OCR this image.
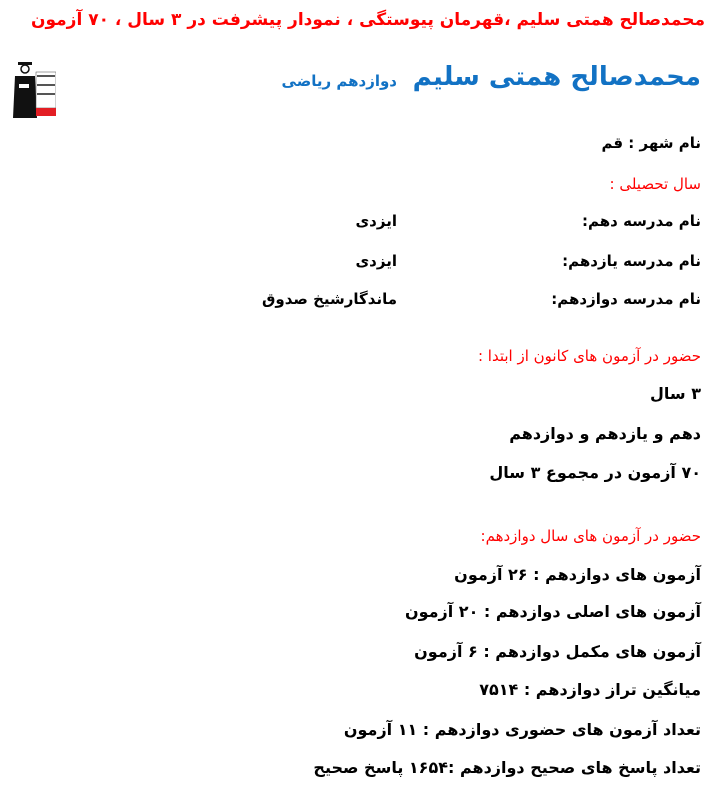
محمدصالح همتی سلیم ،قهرمان پیوستگی ، نمودار پیشرفت در ۳ سال ، ۷۰ آزمون
محمدصالح همتی سلیم
دوازدهم ریاضی
نام شهر : قم
سال تحصیلی :
نام مدرسه دهم:
ایزدی
نام مدرسه یازدهم:
ایزدی
نام مدرسه دوازدهم:
ماندگارشیخ صدوق
حضور در آزمون های کانون از ابتدا :
۳ سال
دهم و یازدهم و دوازدهم
۷۰ آزمون در مجموع ۳ سال
حضور در آزمون های سال دوازدهم:
آزمون های دوازدهم : ۲۶ آزمون
آزمون های اصلی دوازدهم : ۲۰ آزمون
آزمون های مکمل دوازدهم : ۶ آزمون
میانگین تراز دوازدهم : ۷۵۱۴
تعداد آزمون های حضوری دوازدهم : ۱۱ آزمون
تعداد پاسخ های صحیح دوازدهم :۱۶۵۴ پاسخ صحیح
